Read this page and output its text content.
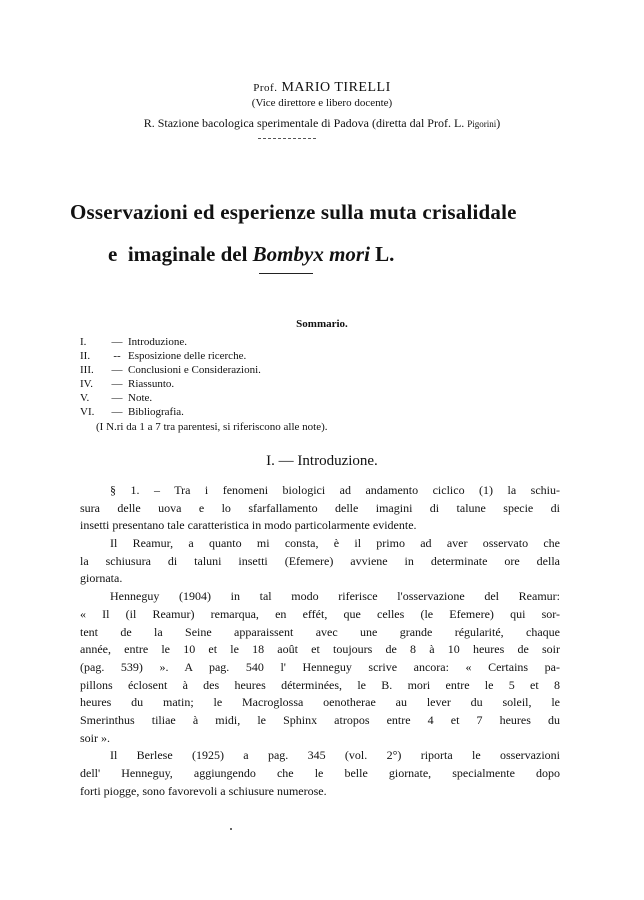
Prof. MARIO TIRELLI
(Vice direttore e libero docente)
R. Stazione bacologica sperimentale di Padova (diretta dal Prof. L. Pigorini)
Osservazioni ed esperienze sulla muta crisalidale
e  imaginale del Bombyx mori L.
Sommario.
I. — Introduzione.
II. -- Esposizione delle ricerche.
III. — Conclusioni e Considerazioni.
IV. — Riassunto.
V. — Note.
VI. — Bibliografia.
(I N.ri da 1 a 7 tra parentesi, si riferiscono alle note).
I. — Introduzione.
§ 1. – Tra i fenomeni biologici ad andamento ciclico (1) la schiu-
sura delle uova e lo sfarfallamento delle imagini di talune specie di
insetti presentano tale caratteristica in modo particolarmente evidente.
Il Reamur, a quanto mi consta, è il primo ad aver osservato che
la schiusura di taluni insetti (Efemere) avviene in determinate ore della
giornata.
Henneguy (1904) in tal modo riferisce l'osservazione del Reamur:
« Il (il Reamur) remarqua, en effét, que celles (le Efemere) qui sor-
tent de la Seine apparaissent avec une grande régularité, chaque
année, entre le 10 et le 18 août et toujours de 8 à 10 heures de soir
(pag. 539) ». A pag. 540 l' Henneguy scrive ancora: « Certains pa-
pillons éclosent à des heures déterminées, le B. mori entre le 5 et 8
heures du matin; le Macroglossa oenotherae au lever du soleil, le
Smerinthus tiliae à midi, le Sphinx atropos entre 4 et 7 heures du
soir ».
Il Berlese (1925) a pag. 345 (vol. 2°) riporta le osservazioni
dell' Henneguy, aggiungendo che le belle giornate, specialmente dopo
forti piogge, sono favorevoli a schiusure numerose.
